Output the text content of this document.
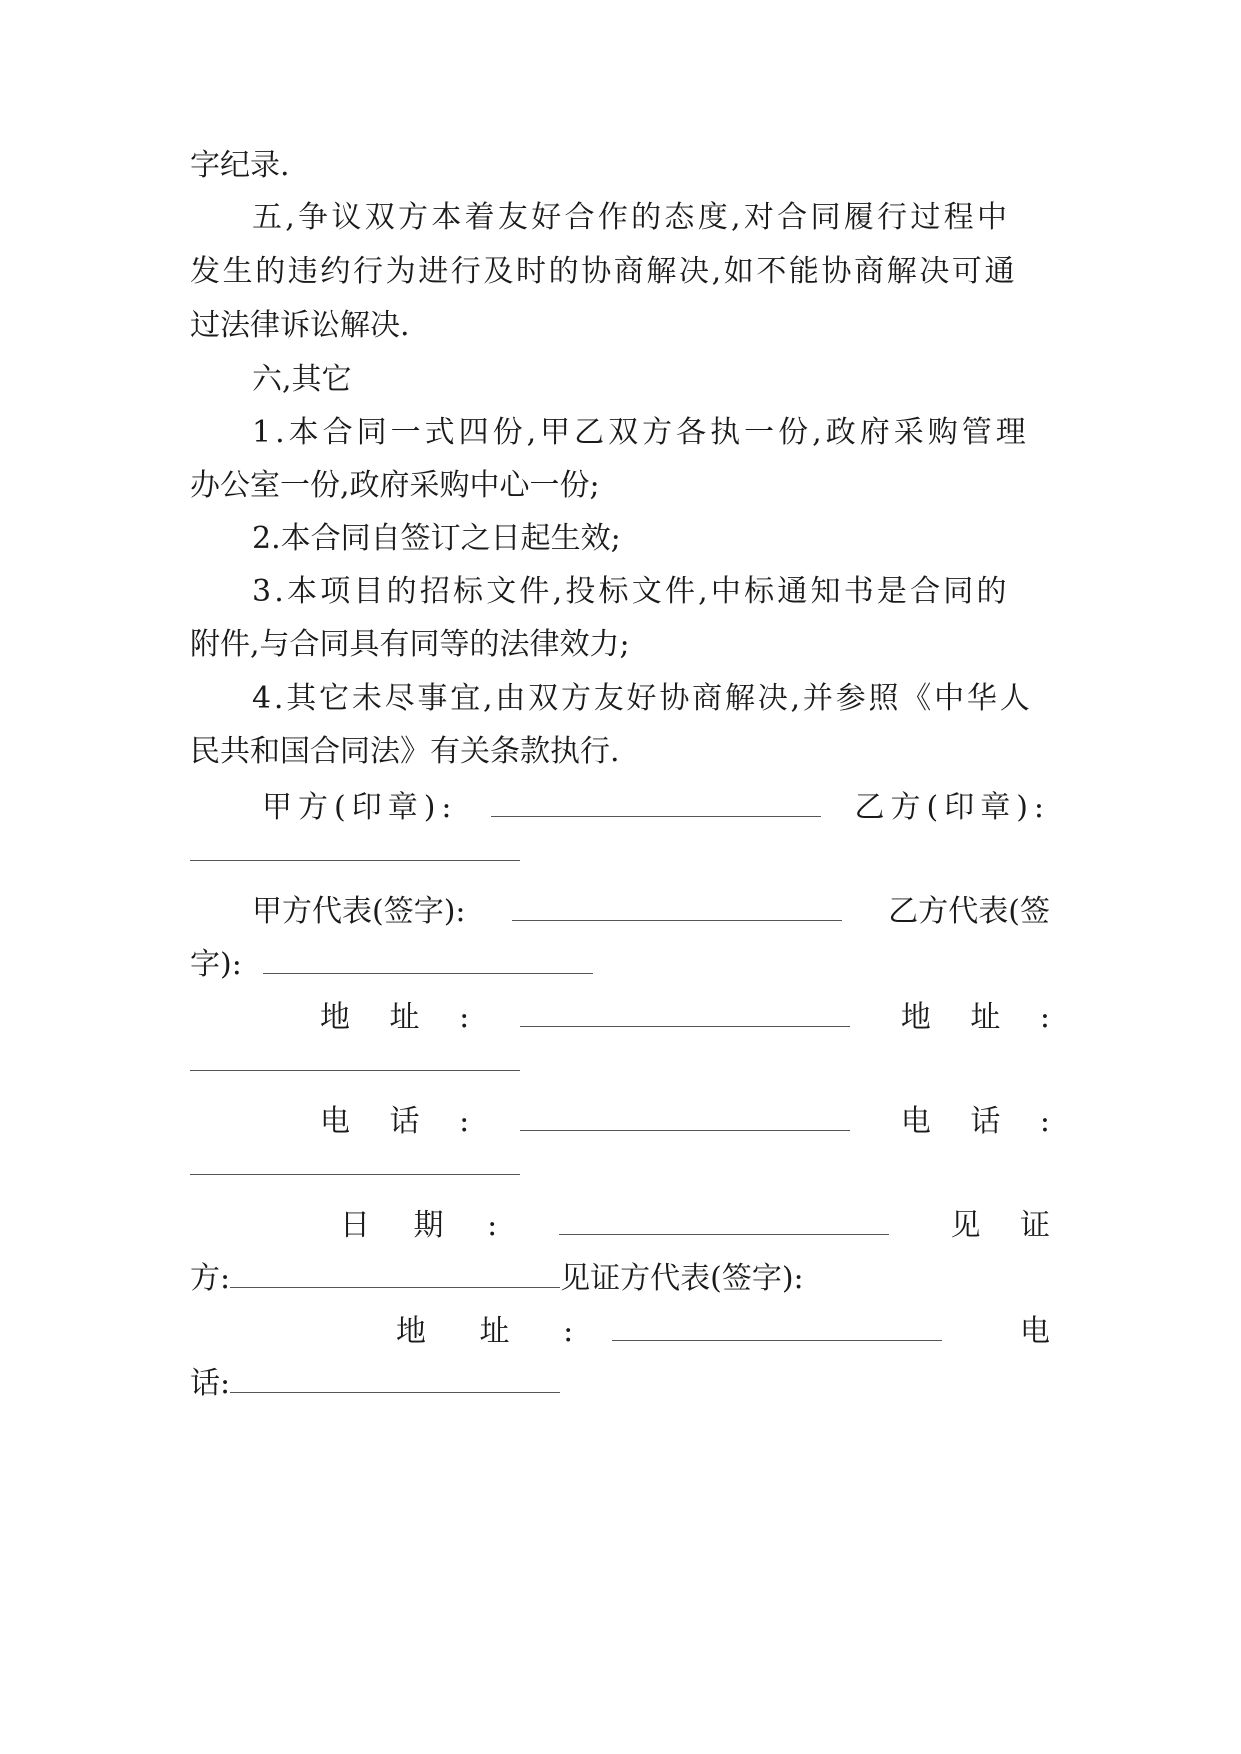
字纪录.
五,争议双方本着友好合作的态度,对合同履行过程中
发生的违约行为进行及时的协商解决,如不能协商解决可通
过法律诉讼解决.
六,其它
1.本合同一式四份,甲乙双方各执一份,政府采购管理
办公室一份,政府采购中心一份;
2.本合同自签订之日起生效;
3.本项目的招标文件,投标文件,中标通知书是合同的
附件,与合同具有同等的法律效力;
4.其它未尽事宜,由双方友好协商解决,并参照《中华人
民共和国合同法》有关条款执行.
甲方(印章):	乙方(印章):
甲方代表(签字):	乙方代表(签
字):
地 址 :	地 址 :
电 话 :	电 话 :
日 期 :	见 证
方:	见证方代表(签字):
地 址 :	电
话:
